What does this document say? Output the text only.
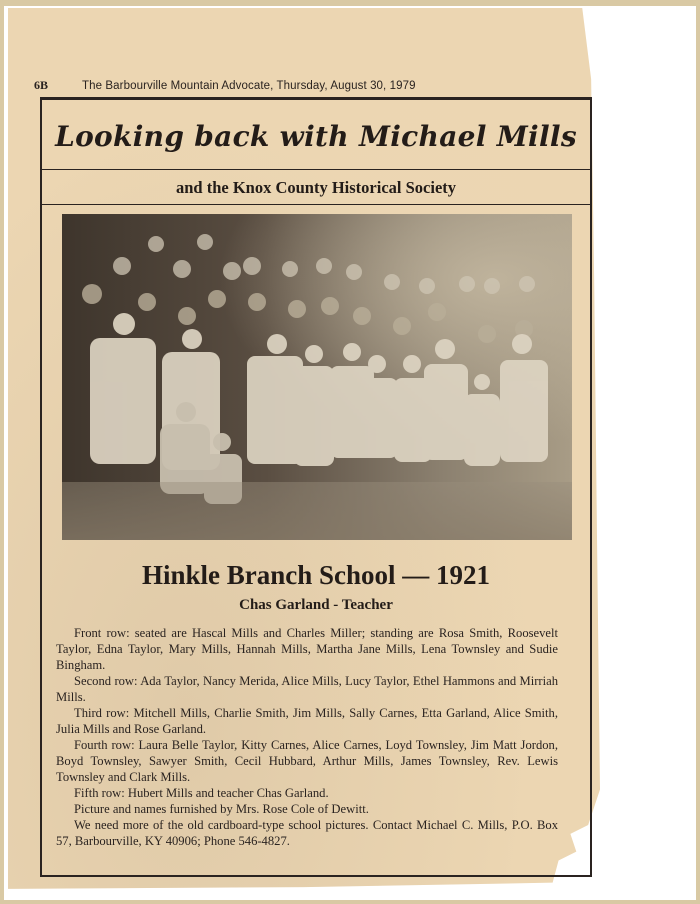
6B	The Barbourville Mountain Advocate, Thursday, August 30, 1979
Looking back with Michael Mills
and the Knox County Historical Society
Hinkle Branch School — 1921
Chas Garland - Teacher

Front row: seated are Hascal Mills and Charles Miller; standing are Rosa Smith, Roosevelt Taylor, Edna Taylor, Mary Mills, Hannah Mills, Martha Jane Mills, Lena Townsley and Sudie Bingham.

Second row: Ada Taylor, Nancy Merida, Alice Mills, Lucy Taylor, Ethel Hammons and Mirriah Mills.

Third row: Mitchell Mills, Charlie Smith, Jim Mills, Sally Carnes, Etta Garland, Alice Smith, Julia Mills and Rose Garland.

Fourth row: Laura Belle Taylor, Kitty Carnes, Alice Carnes, Loyd Townsley, Jim Matt Jordon, Boyd Townsley, Sawyer Smith, Cecil Hubbard, Arthur Mills, James Townsley, Rev. Lewis Townsley and Clark Mills.

Fifth row: Hubert Mills and teacher Chas Garland.

Picture and names furnished by Mrs. Rose Cole of Dewitt.

We need more of the old cardboard-type school pictures. Contact Michael C. Mills, P.O. Box 57, Barbourville, KY 40906; Phone 546-4827.
